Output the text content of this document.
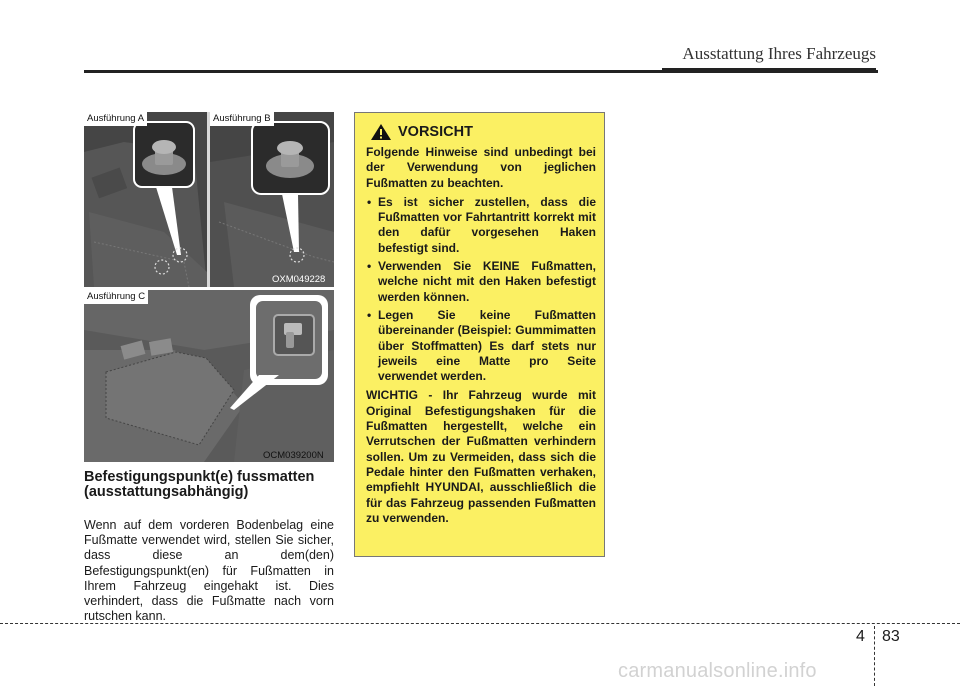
Ausstattung Ihres Fahrzeugs
Ausführung A	Ausführung B
OXM049228
Ausführung C
OCM039200N
Befestigungspunkt(e) fussmatten (ausstattungsabhängig)

Wenn auf dem vorderen Bodenbelag eine Fußmatte verwendet wird, stellen Sie sicher, dass diese an dem(den) Befestigungspunkt(en) für Fußmatten in Ihrem Fahrzeug eingehakt ist. Dies verhindert, dass die Fußmatte nach vorn rutschen kann.

VORSICHT

Folgende Hinweise sind unbedingt bei der Verwendung von jeglichen Fußmatten zu beachten.

• Es ist sicher zustellen, dass die Fußmatten vor Fahrtantritt korrekt mit den dafür vorgesehen Haken befestigt sind.
• Verwenden Sie KEINE Fußmatten, welche nicht mit den Haken befestigt werden können.
• Legen Sie keine Fußmatten übereinander (Beispiel: Gummimatten über Stoffmatten) Es darf stets nur jeweils eine Matte pro Seite verwendet werden.

WICHTIG - Ihr Fahrzeug wurde mit Original Befestigungshaken für die Fußmatten hergestellt, welche ein Verrutschen der Fußmatten verhindern sollen. Um zu Vermeiden, dass sich die Pedale hinter den Fußmatten verhaken, empfiehlt HYUNDAI, ausschließlich die für das Fahrzeug passenden Fußmatten zu verwenden.

4 83
carmanualsonline.info
